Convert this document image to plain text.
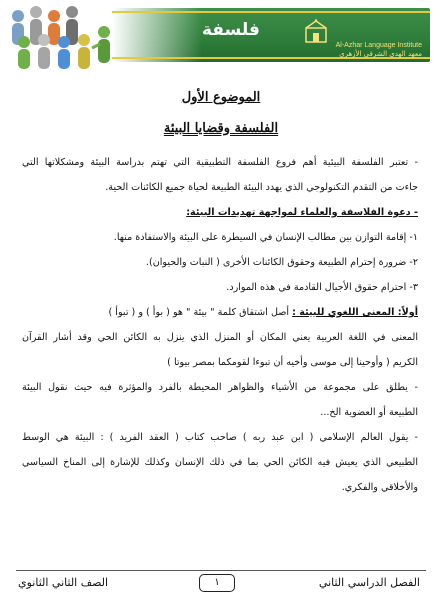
فلسفة
Al-Azhar Language Institute
معهد الهدى الشرقي الأزهري
الموضوع الأول
الفلسفة وقضايا البيئة
- تعتبر الفلسفة البيئية أهم فروع الفلسفة التطبيقية التي تهتم بدراسة البيئة ومشكلاتها التي
جاءت من التقدم التكنولوجي الذي يهدد البيئة الطبيعة لحياة جميع الكائنات الحية.
- دعوة الفلاسفة والعلماء لمواجهة تهديدات البيئة:
١- إقامة التوازن بين مطالب الإنسان في السيطرة على البيئة والاستفادة منها.
٢- ضرورة إحترام الطبيعة وحقوق الكائنات الأخرى ( النبات والحيوان).
٣- احترام حقوق الأجيال القادمة في هذه الموارد.
أولاً: المعنى اللغوي للبيئة : أصل اشتقاق كلمة " بيئة " هو ( بوأ ) و ( تبوأ )
المعنى في اللغة العربية يعني المكان أو المنزل الذي ينزل به الكائن الحي وقد أشار القرآن
الكريم ( وأوحينا إلى موسى وأخيه أن تبوءا لقومكما بمصر بيوتا )
- يطلق على مجموعة من الأشياء والظواهر المحيطة بالفرد والمؤثرة فيه حيث نقول البيئة
الطبيعة أو العضوية الخ...
- يقول العالم الإسلامي ( ابن عبد ربه ) صاحب كتاب ( العقد الفريد ) : البيئة هي الوسط
الطبيعي الذي يعيش فيه الكائن الحي بما في ذلك الإنسان وكذلك للإشارة إلى المناخ السياسي
والأخلاقي والفكري.
الفصل الدراسي الثاني
١
الصف الثاني الثانوي
